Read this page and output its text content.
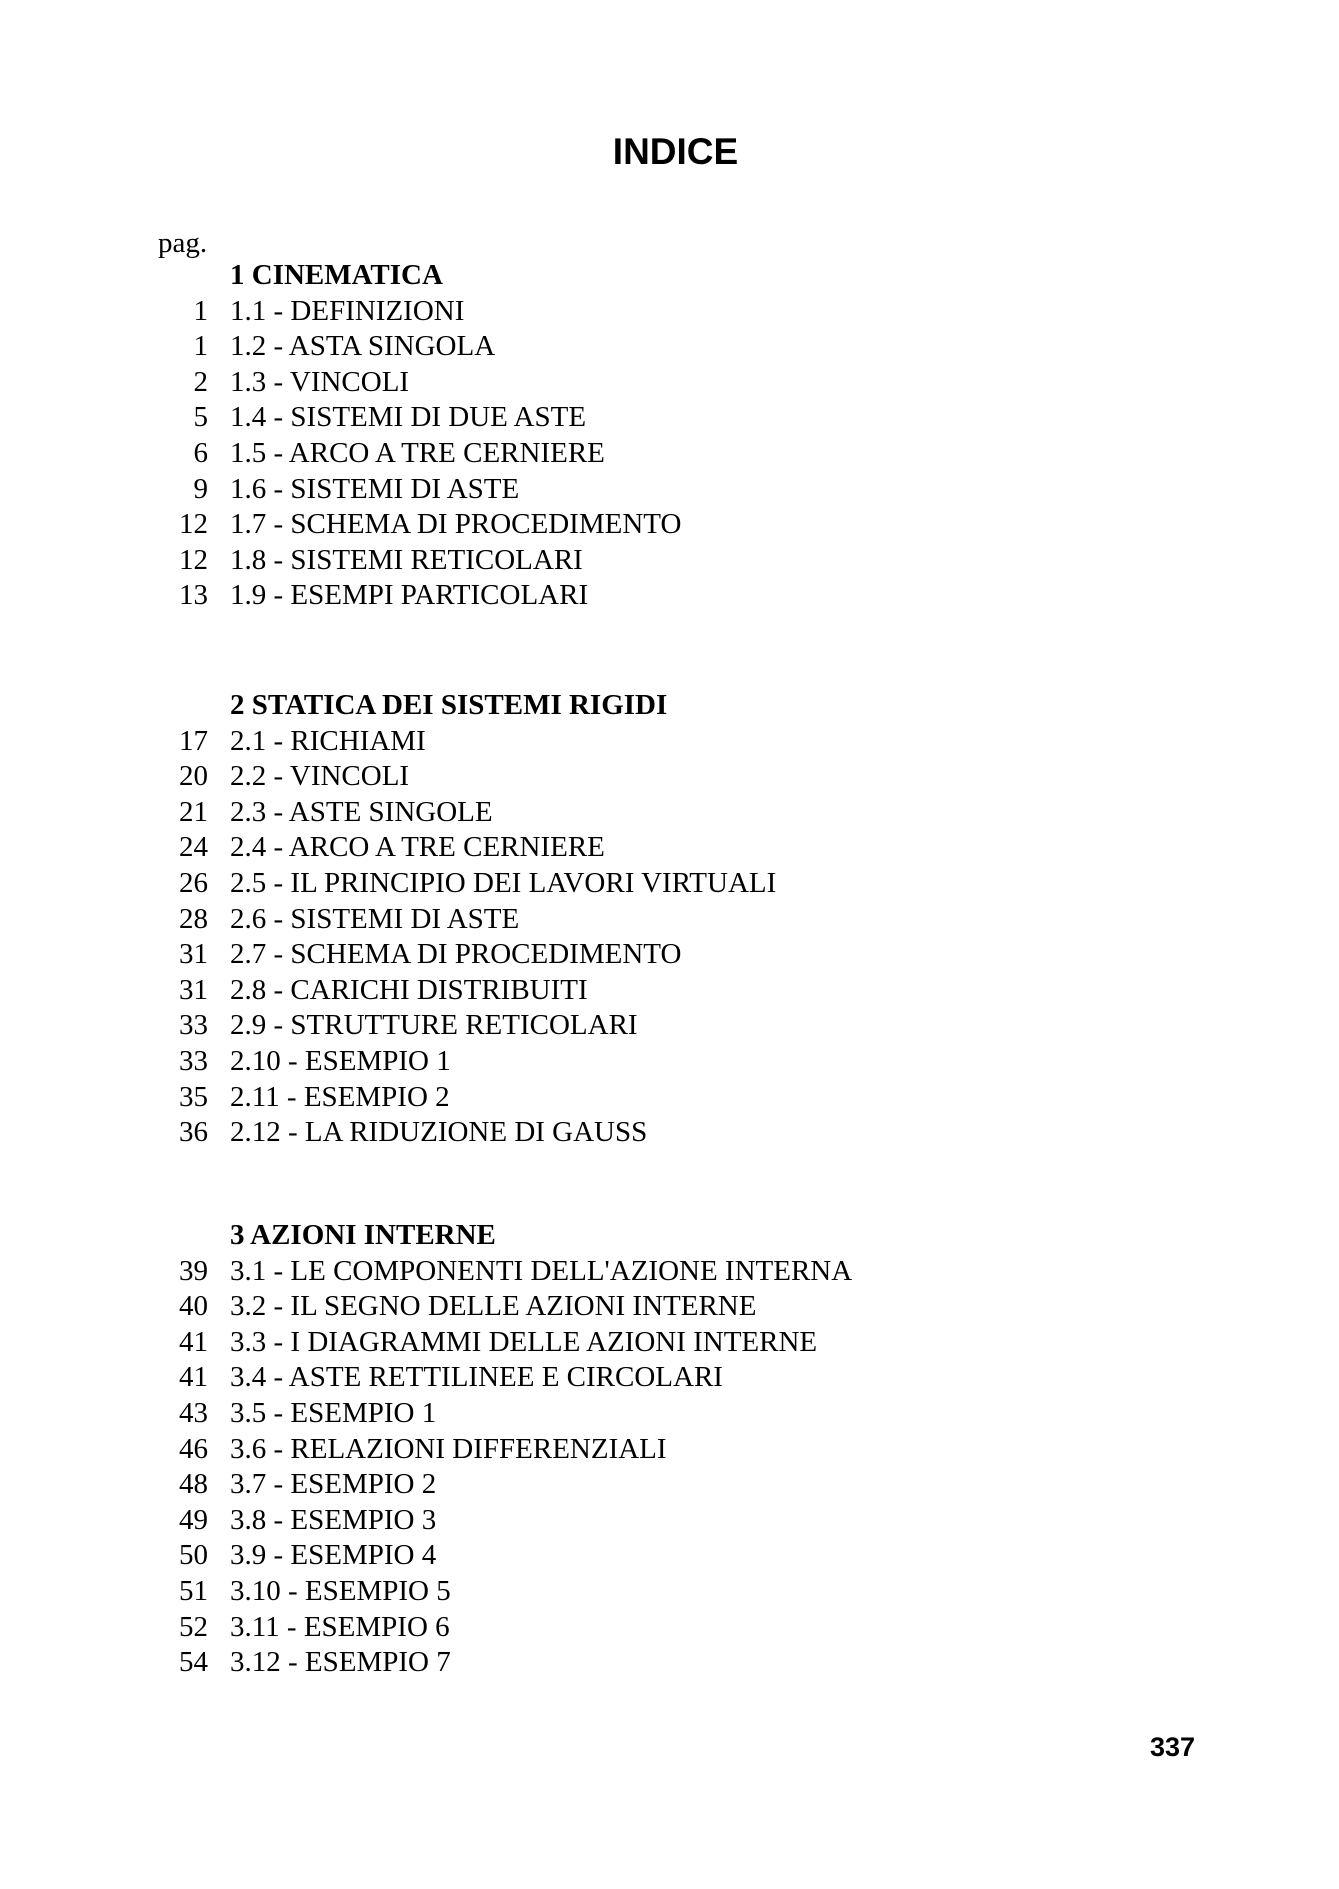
INDICE
pag.
1 CINEMATICA
1 1.1 - DEFINIZIONI
1 1.2 - ASTA SINGOLA
2 1.3 - VINCOLI
5 1.4 - SISTEMI DI DUE ASTE
6 1.5 - ARCO A TRE CERNIERE
9 1.6 - SISTEMI DI ASTE
12 1.7 - SCHEMA DI PROCEDIMENTO
12 1.8 - SISTEMI RETICOLARI
13 1.9 - ESEMPI PARTICOLARI
2 STATICA DEI SISTEMI RIGIDI
17 2.1 - RICHIAMI
20 2.2 - VINCOLI
21 2.3 - ASTE SINGOLE
24 2.4 - ARCO A TRE CERNIERE
26 2.5 - IL PRINCIPIO DEI LAVORI VIRTUALI
28 2.6 - SISTEMI DI ASTE
31 2.7 - SCHEMA DI PROCEDIMENTO
31 2.8 - CARICHI DISTRIBUITI
33 2.9 - STRUTTURE RETICOLARI
33 2.10 - ESEMPIO 1
35 2.11 - ESEMPIO 2
36 2.12 - LA RIDUZIONE DI GAUSS
3 AZIONI INTERNE
39 3.1 - LE COMPONENTI DELL'AZIONE INTERNA
40 3.2 - IL SEGNO DELLE AZIONI INTERNE
41 3.3 - I DIAGRAMMI DELLE AZIONI INTERNE
41 3.4 - ASTE RETTILINEE E CIRCOLARI
43 3.5 - ESEMPIO 1
46 3.6 - RELAZIONI DIFFERENZIALI
48 3.7 - ESEMPIO 2
49 3.8 - ESEMPIO 3
50 3.9 - ESEMPIO 4
51 3.10 - ESEMPIO 5
52 3.11 - ESEMPIO 6
54 3.12 - ESEMPIO 7
337
